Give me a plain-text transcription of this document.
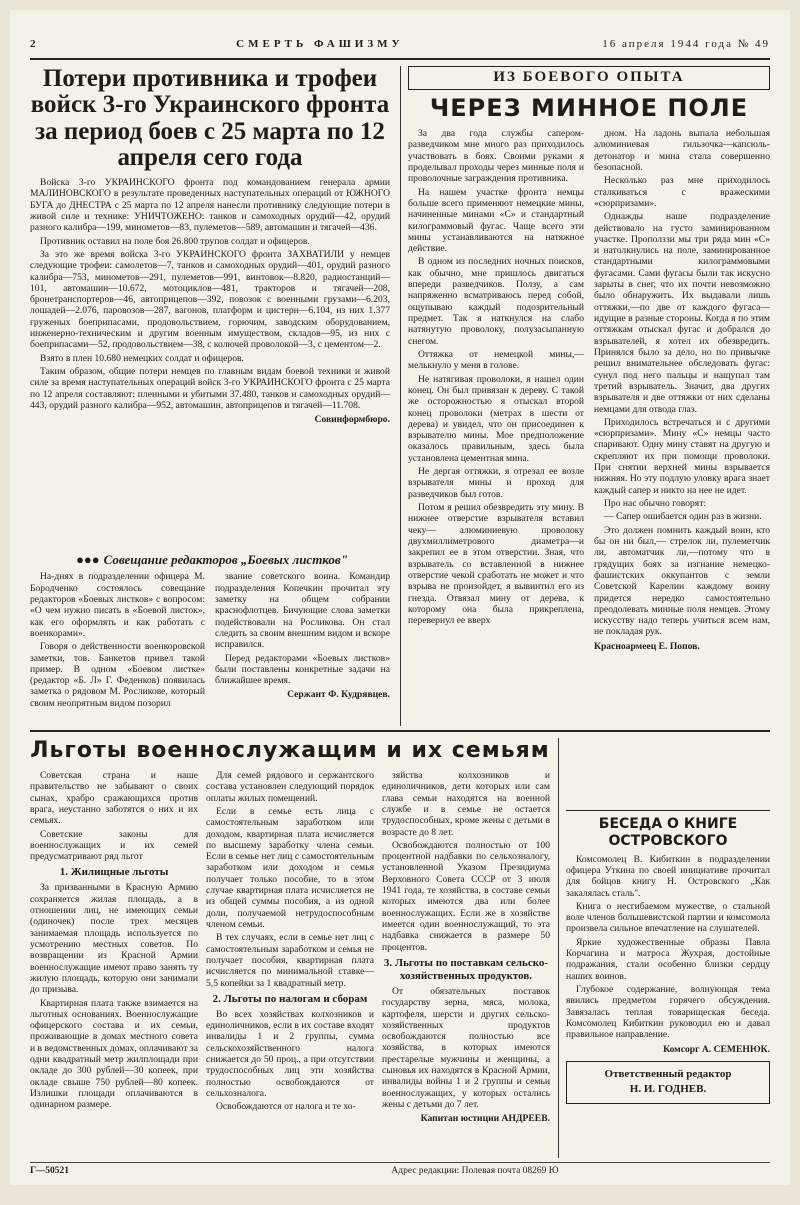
2	СМЕРТЬ ФАШИЗМУ	16 апреля 1944 года № 49
Потери противника и трофеи войск 3-го Украинского фронта за период боев с 25 марта по 12 апреля сего года

Войска 3-го УКРАИНСКОГО фронта под командованием генерала армии МАЛИНОВСКОГО в результате проведенных наступательных операций от ЮЖНОГО БУГА до ДНЕСТРА с 25 марта по 12 апреля нанесли противнику следующие потери в живой силе и технике: УНИЧТОЖЕНО: танков и самоходных орудий—42, орудий разного калибра—199, минометов—83, пулеметов—589, автомашин и тягачей—436.

Противник оставил на поле боя 26.800 трупов солдат и офицеров.

За это же время войска 3-го УКРАИНСКОГО фронта ЗАХВАТИЛИ у немцев следующие трофеи: самолетов—7, танков и самоходных орудий—401, орудий разного калибра—753, минометов—291, пулеметов—991, винтовок—8.820, радиостанций—101, автомашин—10.672, мотоциклов—481, тракторов и тягачей—208, бронетранспортеров—46, автоприцепов—392, повозок с военными грузами—6.203, лошадей—2.076, паровозов—287, вагонов, платформ и цистерн—6.104, из них 1.377 груженых боеприпасами, продовольствием, горючим, заводским оборудованием, инженерно-техническим и другим военным имуществом, складов—95, из них с боеприпасами—52, продовольствием—38, с колючей проволокой—3, с цементом—2.

Взято в плен 10.680 немецких солдат и офицеров.

Таким образом, общие потери немцев по главным видам боевой техники и живой силе за время наступательных операций войск 3-го УКРАИНСКОГО фронта с 25 марта по 12 апреля составляют: пленными и убитыми 37.480, танков и самоходных орудий—443, орудий разного калибра—952, автомашин, автоприцепов и тягачей—11.708.

Совинформбюро.
●●● Совещание редакторов „Боевых листков"

На-днях в подразделении офицера М. Бородченко состоялось совещание редакторов «Боевых листков» с вопросом: «О чем нужно писать в «Боевой листок», как его оформлять и как работать с военкорами».

Говоря о действенности военкоровской заметки, тов. Банкетов привел такой пример. В одном «Боевом листке» (редактор «Б. Л» Г. Феденков) появилась заметка о рядовом М. Росликове, который своим неопрятным видом позорил

звание советского воина. Командир подразделения Копечкин прочитал эту заметку на общем собрании краснофлотцев. Бичующие слова заметки подействовали на Росликова. Он стал следить за своим внешним видом и вскоре исправился.

Перед редакторами «Боевых листков» были поставлены конкретные задачи на ближайшее время.

Сержант Ф. Кудрявцев.
ИЗ БОЕВОГО ОПЫТА
ЧЕРЕЗ МИННОЕ ПОЛЕ

За два года службы сапером-разведчиком мне много раз приходилось участвовать в боях. Своими руками я проделывал проходы через минные поля и проволочные заграждения противника.

На нашем участке фронта немцы больше всего применяют немецкие мины, начиненные минами «С» и стандартный килограммовый фугас. Чаще всего эти мины устанавливаются на натяжное действие.

В одном из последних ночных поисков, как обычно, мне пришлось двигаться впереди разведчиков. Ползу, а сам напряженно всматриваюсь перед собой, ощупываю каждый подозрительный предмет. Так я наткнулся на слабо натянутую проволоку, полузасыпанную снегом.

Оттяжка от немецкой мины,—мелькнуло у меня в голове.

Не натягивая проволоки, я нашел один конец. Он был привязан к дереву. С такой же осторожностью я отыскал второй конец проволоки (метрах в шести от дерева) и увидел, что он присоединен к взрывателю мины. Мое предположение оказалось правильным, здесь была установлена цементная мина.

Не дергая оттяжки, я отрезал ее возле взрывателя мины и проход для разведчиков был готов.

Потом я решил обезвредить эту мину. В нижнее отверстие взрывателя вставил чеку— алюминиевую проволоку двухмиллиметрового диаметра—и закрепил ее в этом отверстии. Зная, что взрыватель со вставленной в нижнее отверстие чекой сработать не может и что взрыва не произойдет, я вывинтил его из гнезда. Отвязал мину от дерева, к которому она была прикреплена, перевернул ее вверх

дном. На ладонь выпала небольшая алюминиевая гильзочка—капсюль-детонатор и мина стала совершенно безопасной.

Несколько раз мне приходилось сталкиваться с вражескими «сюрпризами».

Однажды наше подразделение действовало на густо заминированном участке. Прополззи мы три ряда мин «С» и натолкнулись на поле, заминированное стандартными килограммовыми фугасами. Сами фугасы были так искусно зарыты в снег, что их почти невозможно было обнаружить. Их выдавали лишь оттяжки,—по две от каждого фугаса—идущие в разные стороны. Когда я по этим оттяжкам отыскал фугас и добрался до взрывателей, я хотел их обезвредить. Принялся было за дело, но по привычке решил внимательнее обследовать фугас: сунул под него пальцы и нащупал там третий взрыватель. Значит, два других взрывателя и две оттяжки от них сделаны немцами для отвода глаз.

Приходилось встречаться и с другими «сюрпризами». Мину «С» немцы часто спаривают. Одну мину ставят на другую и скрепляют их при помощи проволоки. При снятии верхней мины взрывается нижняя. Но эту подлую уловку врага знает каждый сапер и никто на нее не идет.

Про нас обычно говорят:

— Сапер ошибается один раз в жизни.

Это должен помнить каждый воин, кто бы он ни был,— стрелок ли, пулеметчик ли, автоматчик ли,—потому что в грядущих боях за изгнание немецко-фашистских оккупантов с земли Советской Карелии каждому воину придется нередко самостоятельно преодолевать минные поля немцев. Этому искусству надо теперь учиться всем нам, не покладая рук.

Красноармеец Е. Попов.
Льготы военнослужащим и их семьям

Советская страна и наше правительство не забывают о своих сынах, храбро сражающихся против врага, неустанно заботятся о них и их семьях.

Советские законы для военнослужащих и их семей предусматривают ряд льгот

1. Жилищные льготы

За призванными в Красную Армию сохраняется жилая площадь, а в отношении лиц, не имеющих семьи (одиночек) после трех месяцев занимаемая площадь используется по усмотрению местных советов. По возвращении из Красной Армии военнослужащие имеют право занять ту жилую площадь, которую они занимали до призыва.

Квартирная плата также взимается на льготных основаниях. Военнослужащие офицерского состава и их семьи, проживающие в домах местного совета и в ведомственных домах, оплачивают за одни квадратный метр жилплощади при окладе до 300 рублей—30 копеек, при окладе свыше 750 рублей—80 копеек. Излишки площади оплачиваются в одинарном размере.

Для семей рядового и сержантского состава установлен следующий порядок оплаты жилых помещений.

Если в семье есть лица с самостоятельным заработком или доходом, квартирная плата исчисляется по высшему заработку члена семьи. Если в семье нет лиц с самостоятельным заработком или доходом и семья получает только пособие, то в этом случае квартирная плата исчисляется не из общей суммы пособия, а из одной доли, получаемой нетрудоспособным членом семьи.

В тех случаях, если в семье нет лиц с самостоятельным заработком и семья не получает пособия, квартирная плата исчисляется по минимальной ставке—5,5 копейки за 1 квадратный метр.

2. Льготы по налогам и сборам

Во всех хозяйствах колхозников и единоличников, если в их составе входят инвалиды 1 и 2 группы, сумма сельскохозяйственного налога снижается до 50 проц., а при отсутствии трудоспособных лиц эти хозяйства полностью освобождаются от сельхозналога.

Освобождаются от налога и те хо-

зяйства колхозников и единоличников, дети которых или сам глава семьи находятся на военной службе и в семье не остается трудоспособных, кроме жены с детьми в возрасте до 8 лет.

Освобождаются полностью от 100 процентной надбавки по сельхозналогу, установленной Указом Президиума Верховного Совета СССР от 3 июля 1941 года, те хозяйства, в составе семьи которых имеются два или более военнослужащих. Если же в хозяйстве имеется один военнослужащий, то эта надбавка снижается в размере 50 процентов.

3. Льготы по поставкам сельско-хозяйственных продуктов.

От обязательных поставок государству зерна, мяса, молока, картофеля, шерсти и других сельско-хозяйственных продуктов освобождаются полностью все хозяйства, в которых имеются престарелые мужчины и женщины, а сыновья их находятся в Красной Армии, инвалиды войны 1 и 2 группы и семьи военнослужащих, у которых остались жены с детьми до 7 лет.

Капитан юстиции АНДРЕЕВ.
БЕСЕДА О КНИГЕ ОСТРОВСКОГО

Комсомолец В. Кибиткин в подразделении офицера Уткина по своей инициативе прочитал для бойцов книгу Н. Островского „Как закалялась сталь".

Книга о несгибаемом мужестве, о стальной воле членов большевистской партии и комсомола произвела сильное впечатление на слушателей.

Яркие художественные образы Павла Корчагина и матроса Жухрая, достойные подражания, стали особенно близки сердцу наших воинов.

Глубокое содержание, волнующая тема явились предметом горячего обсуждения. Завязалась теплая товарищеская беседа. Комсомолец Кибиткин руководил ею и давал правильное направление.

Комсорг А. СЕМЕНЮК.
Ответственный редактор
Н. И. ГОДНЕВ.
Г—50521	Адрес редакции: Полевая почта 08269 Ю
